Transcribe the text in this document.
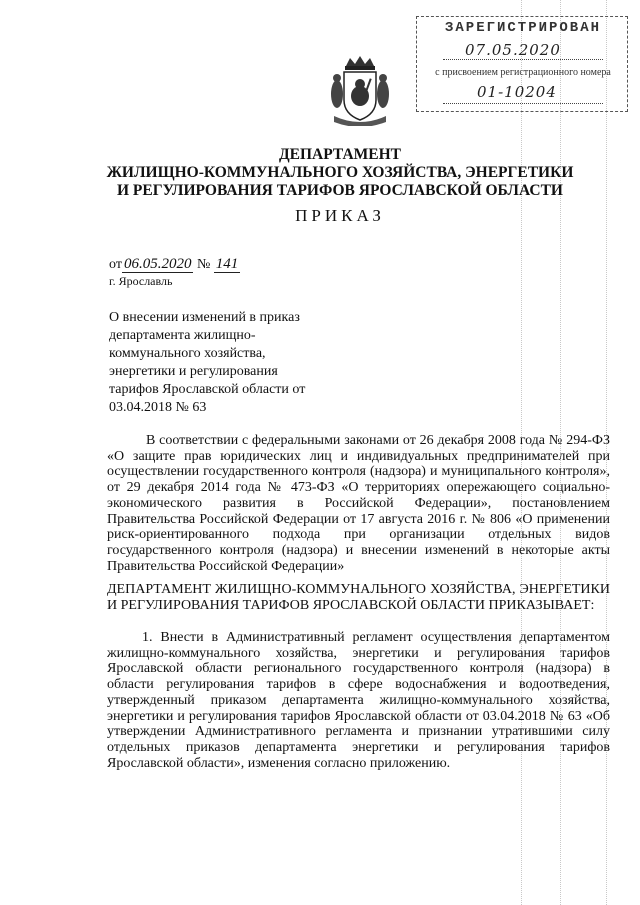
ЗАРЕГИСТРИРОВАН
07.05.2020
с присвоением регистрационного номера
01-10204
ДЕПАРТАМЕНТ
ЖИЛИЩНО-КОММУНАЛЬНОГО ХОЗЯЙСТВА, ЭНЕРГЕТИКИ
И РЕГУЛИРОВАНИЯ ТАРИФОВ ЯРОСЛАВСКОЙ ОБЛАСТИ
ПРИКАЗ
от 06.05.2020 № 141
г. Ярославль
О внесении изменений в приказ департамента жилищно-коммунального хозяйства, энергетики и регулирования тарифов Ярославской области от 03.04.2018 № 63
В соответствии с федеральными законами от 26 декабря 2008 года № 294-ФЗ «О защите прав юридических лиц и индивидуальных предпринимателей при осуществлении государственного контроля (надзора) и муниципального контроля», от 29 декабря 2014 года № 473-ФЗ «О территориях опережающего социально-экономического развития в Российской Федерации», постановлением Правительства Российской Федерации от 17 августа 2016 г. № 806 «О применении риск-ориентированного подхода при организации отдельных видов государственного контроля (надзора) и внесении изменений в некоторые акты Правительства Российской Федерации»
ДЕПАРТАМЕНТ ЖИЛИЩНО-КОММУНАЛЬНОГО ХОЗЯЙСТВА, ЭНЕРГЕТИКИ И РЕГУЛИРОВАНИЯ ТАРИФОВ ЯРОСЛАВСКОЙ ОБЛАСТИ ПРИКАЗЫВАЕТ:
1. Внести в Административный регламент осуществления департаментом жилищно-коммунального хозяйства, энергетики и регулирования тарифов Ярославской области регионального государственного контроля (надзора) в области регулирования тарифов в сфере водоснабжения и водоотведения, утвержденный приказом департамента жилищно-коммунального хозяйства, энергетики и регулирования тарифов Ярославской области от 03.04.2018 № 63 «Об утверждении Административного регламента и признании утратившими силу отдельных приказов департамента энергетики и регулирования тарифов Ярославской области», изменения согласно приложению.
